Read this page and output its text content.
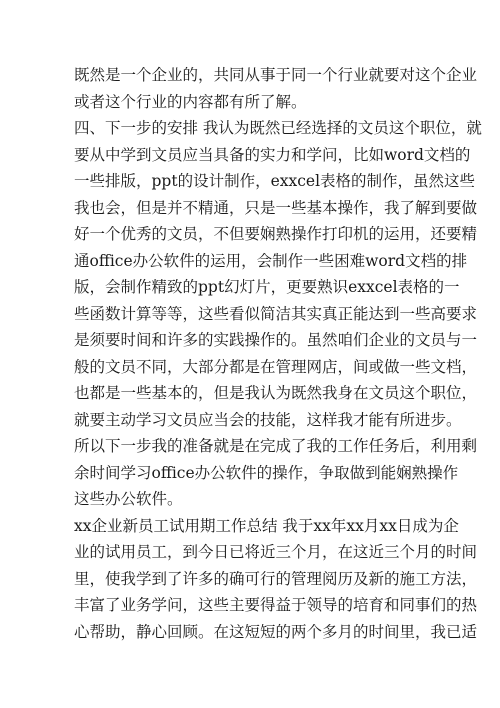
既然是一个企业的，共同从事于同一个行业就要对这个企业
或者这个行业的内容都有所了解。
四、下一步的安排 我认为既然已经选择的文员这个职位，就
要从中学到文员应当具备的实力和学问，比如word文档的
一些排版，ppt的设计制作，exxcel表格的制作，虽然这些
我也会，但是并不精通，只是一些基本操作，我了解到要做
好一个优秀的文员，不但要娴熟操作打印机的运用，还要精
通office办公软件的运用，会制作一些困难word文档的排
版，会制作精致的ppt幻灯片，更要熟识exxcel表格的一
些函数计算等等，这些看似简洁其实真正能达到一些高要求
是须要时间和许多的实践操作的。虽然咱们企业的文员与一
般的文员不同，大部分都是在管理网店，间或做一些文档，
也都是一些基本的，但是我认为既然我身在文员这个职位，
就要主动学习文员应当会的技能，这样我才能有所进步。
所以下一步我的准备就是在完成了我的工作任务后，利用剩
余时间学习office办公软件的操作，争取做到能娴熟操作
这些办公软件。
xx企业新员工试用期工作总结 我于xx年xx月xx日成为企
业的试用员工，到今日已将近三个月，在这近三个月的时间
里，使我学到了许多的确可行的管理阅历及新的施工方法，
丰富了业务学问，这些主要得益于领导的培育和同事们的热
心帮助，静心回顾。在这短短的两个多月的时间里，我已适
